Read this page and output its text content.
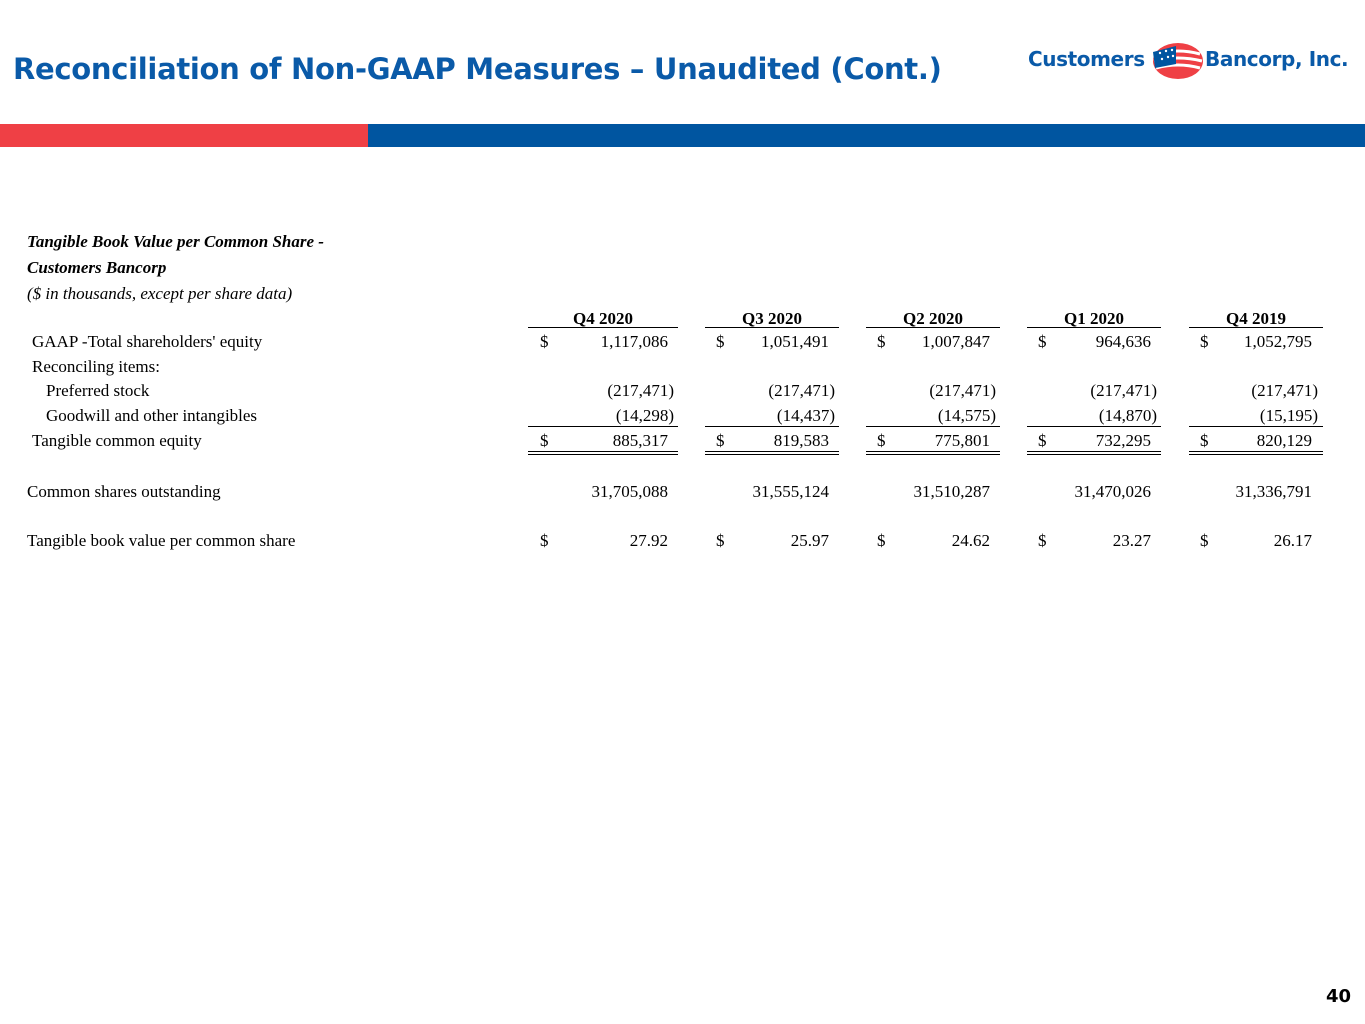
Reconciliation of Non-GAAP Measures – Unaudited (Cont.)	Customers	Bancorp, Inc.
Tangible Book Value per Common Share -
Customers Bancorp
($ in thousands, except per share data)
Q4 2020	Q3 2020	Q2 2020	Q1 2020	Q4 2019
GAAP -Total shareholders' equity	$	1,117,086	$	1,051,491	$	1,007,847	$	964,636	$	1,052,795
Reconciling items:
Preferred stock	(217,471)	(217,471)	(217,471)	(217,471)	(217,471)
Goodwill and other intangibles	(14,298)	(14,437)	(14,575)	(14,870)	(15,195)
Tangible common equity	$	885,317	$	819,583	$	775,801	$	732,295	$	820,129
Common shares outstanding	31,705,088	31,555,124	31,510,287	31,470,026	31,336,791
Tangible book value per common share	$	27.92	$	25.97	$	24.62	$	23.27	$	26.17
40
